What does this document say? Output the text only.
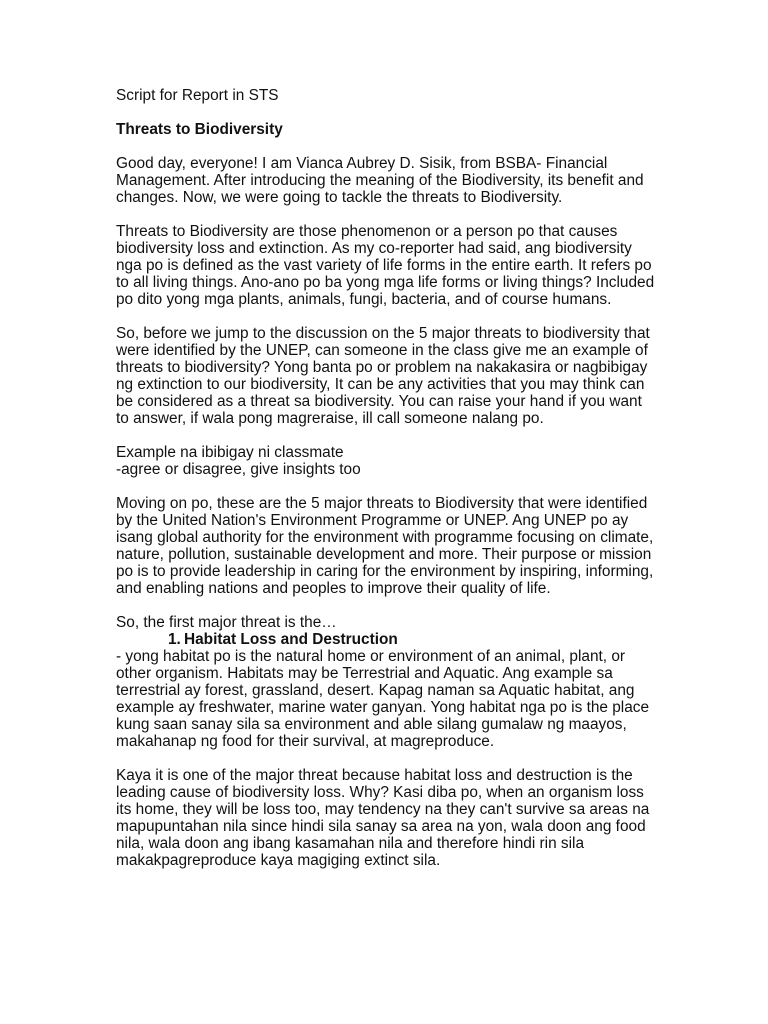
Script for Report in STS

Threats to Biodiversity

Good day, everyone! I am Vianca Aubrey D. Sisik, from BSBA- Financial Management. After introducing the meaning of the Biodiversity, its benefit and changes. Now, we were going to tackle the threats to Biodiversity.

Threats to Biodiversity are those phenomenon or a person po that causes biodiversity loss and extinction. As my co-reporter had said, ang biodiversity nga po is defined as the vast variety of life forms in the entire earth. It refers po to all living things. Ano-ano po ba yong mga life forms or living things? Included po dito yong mga plants, animals, fungi, bacteria, and of course humans.

So, before we jump to the discussion on the 5 major threats to biodiversity that were identified by the UNEP, can someone in the class give me an example of threats to biodiversity? Yong banta po or problem na nakakasira or nagbibigay ng extinction to our biodiversity, It can be any activities that you may think can be considered as a threat sa biodiversity. You can raise your hand if you want to answer, if wala pong magreraise, ill call someone nalang po.

Example na ibibigay ni classmate

-agree or disagree, give insights too

Moving on po, these are the 5 major threats to Biodiversity that were identified by the United Nation's Environment Programme or UNEP. Ang UNEP po ay isang global authority for the environment with programme focusing on climate, nature, pollution, sustainable development and more. Their purpose or mission po is to provide leadership in caring for the environment by inspiring, informing, and enabling nations and peoples to improve their quality of life.

So, the first major threat is the…

1. Habitat Loss and Destruction

- yong habitat po is the natural home or environment of an animal, plant, or other organism. Habitats may be Terrestrial and Aquatic. Ang example sa terrestrial ay forest, grassland, desert. Kapag naman sa Aquatic habitat, ang example ay freshwater, marine water ganyan. Yong habitat nga po is the place kung saan sanay sila sa environment and able silang gumalaw ng maayos, makahanap ng food for their survival, at magreproduce.

Kaya it is one of the major threat because habitat loss and destruction is the leading cause of biodiversity loss. Why? Kasi diba po, when an organism loss its home, they will be loss too, may tendency na they can't survive sa areas na mapupuntahan nila since hindi sila sanay sa area na yon, wala doon ang food nila, wala doon ang ibang kasamahan nila and therefore hindi rin sila makakpagreproduce kaya magiging extinct sila.
